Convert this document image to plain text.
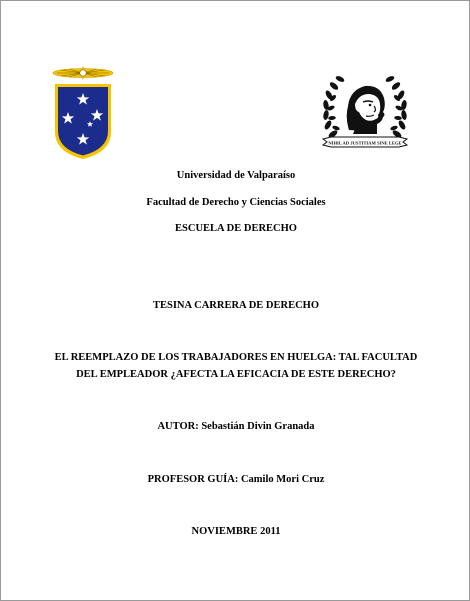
NIHIL AD JUSTITIAM SINE LEGE
Universidad de Valparaíso
Facultad de Derecho y Ciencias Sociales
ESCUELA DE DERECHO
TESINA CARRERA DE DERECHO
EL REEMPLAZO DE LOS TRABAJADORES EN HUELGA: TAL FACULTAD
DEL EMPLEADOR ¿AFECTA LA EFICACIA DE ESTE DERECHO?
AUTOR: Sebastián Divin Granada
PROFESOR GUÍA: Camilo Mori Cruz
NOVIEMBRE 2011
